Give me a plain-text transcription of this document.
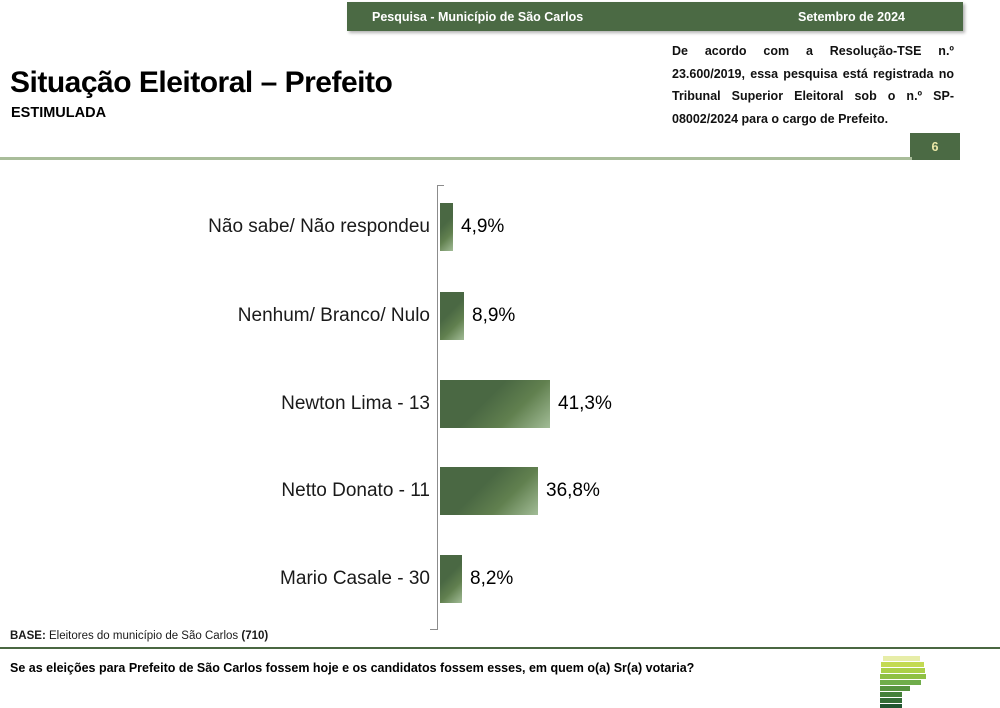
Pesquisa - Município de São Carlos	Setembro de 2024
Situação Eleitoral – Prefeito
ESTIMULADA
De acordo com a Resolução-TSE n.º 23.600/2019, essa pesquisa está registrada no Tribunal Superior Eleitoral sob o n.º SP-08002/2024 para o cargo de Prefeito.
6
Não sabe/ Não respondeu 4,9%
Nenhum/ Branco/ Nulo 8,9%
Newton Lima - 13	41,3%
Netto Donato - 11	36,8%
Mario Casale - 30 8,2%
BASE: Eleitores do município de São Carlos (710)
Se as eleições para Prefeito de São Carlos fossem hoje e os candidatos fossem esses, em quem o(a) Sr(a) votaria?
